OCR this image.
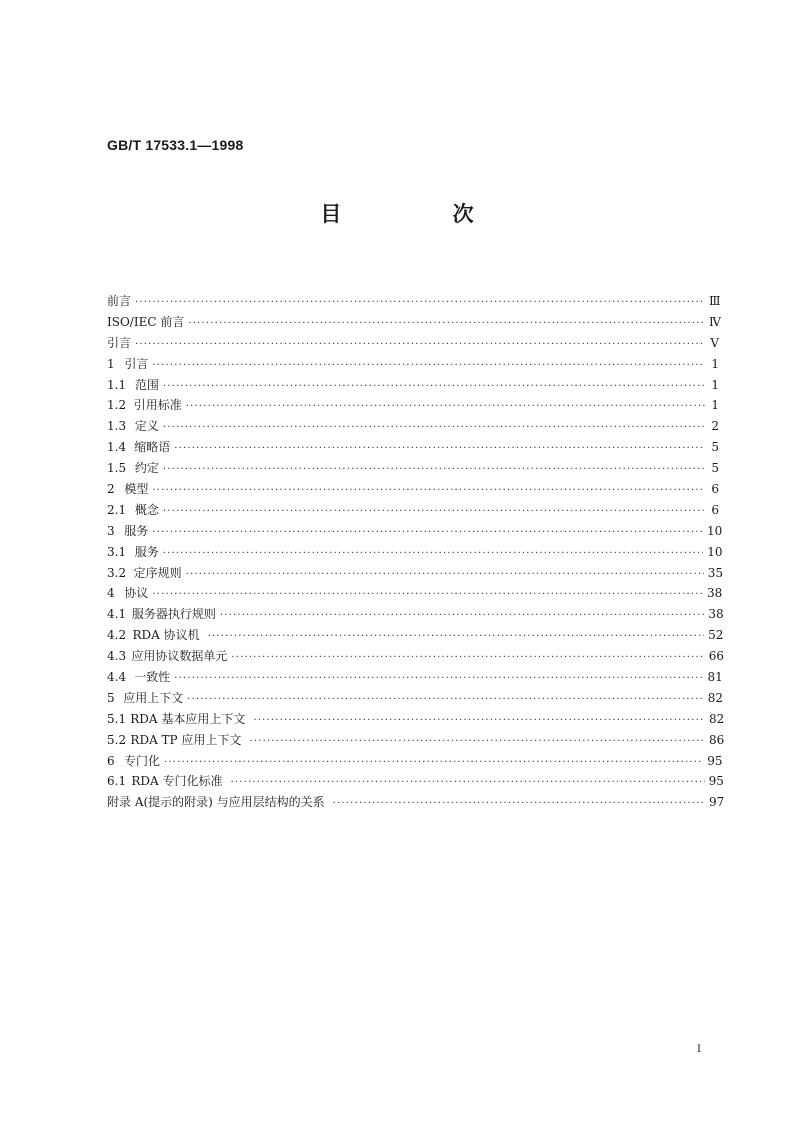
GB/T 17533.1—1998
目 次
前言 ·····	Ⅲ
ISO/IEC 前言 ·····	Ⅳ
引言 ·····	Ⅴ
1 引言 ·····	1
1.1 范围 ·····	1
1.2 引用标准 ·····	1
1.3 定义 ·····	2
1.4 缩略语 ·····	5
1.5 约定 ·····	5
2 模型 ·····	6
2.1 概念 ·····	6
3 服务 ·····	10
3.1 服务 ·····	10
3.2 定序规则 ·····	35
4 协议 ·····	38
4.1 服务器执行规则 ·····	38
4.2 RDA 协议机 ·····	52
4.3 应用协议数据单元 ·····	66
4.4 一致性 ·····	81
5 应用上下文 ·····	82
5.1 RDA 基本应用上下文 ·····	82
5.2 RDA TP 应用上下文 ·····	86
6 专门化 ·····	95
6.1 RDA 专门化标准 ·····	95
附录 A(提示的附录) 与应用层结构的关系 ·····	97
I
